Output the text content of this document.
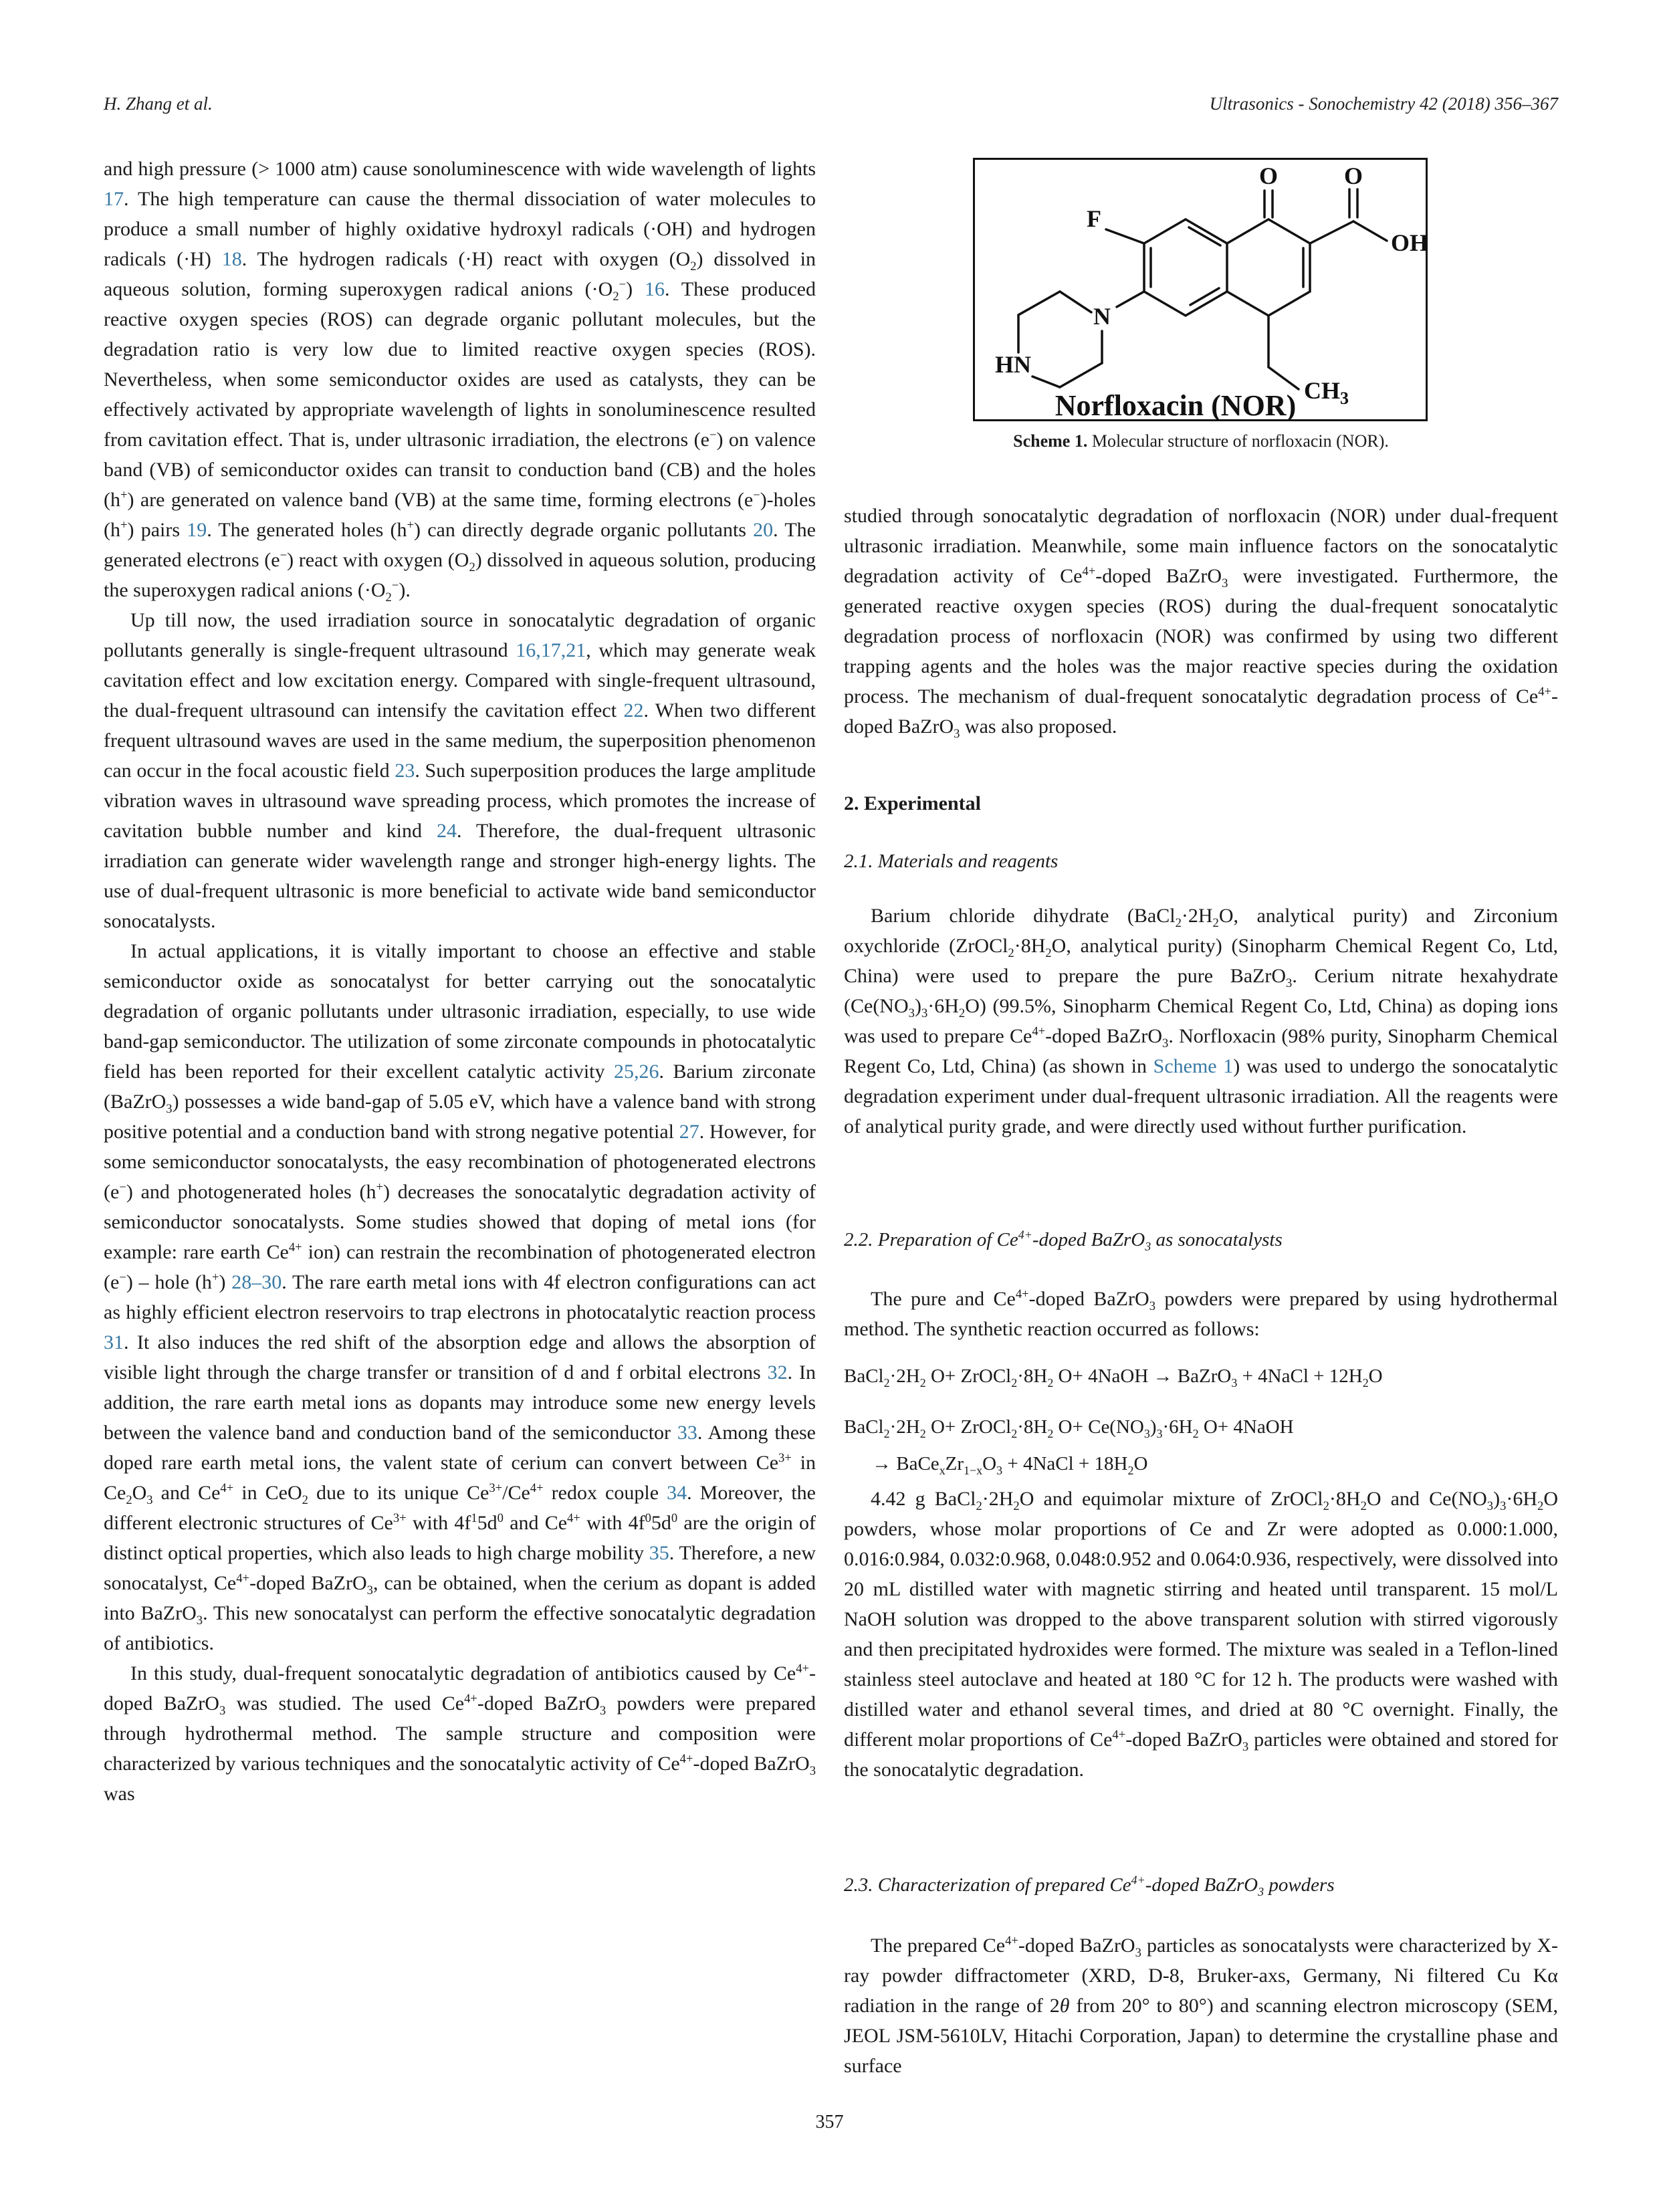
H. Zhang et al.	Ultrasonics - Sonochemistry 42 (2018) 356–367

and high pressure (> 1000 atm) cause sonoluminescence with wide wavelength of lights 17. The high temperature can cause the thermal dissociation of water molecules to produce a small number of highly oxidative hydroxyl radicals (·OH) and hydrogen radicals (·H) 18. The hydrogen radicals (·H) react with oxygen $(O_2)$ dissolved in aqueous solution, forming superoxygen radical anions $(\cdot O_2^-)$ 16. These produced reactive oxygen species (ROS) can degrade organic pollutant molecules, but the degradation ratio is very low due to limited reactive oxygen species (ROS). Nevertheless, when some semiconductor oxides are used as catalysts, they can be effectively activated by appropriate wavelength of lights in sonoluminescence resulted from cavitation effect. That is, under ultrasonic irradiation, the electrons (e−) on valence band (VB) of semiconductor oxides can transit to conduction band (CB) and the holes (h+) are generated on valence band (VB) at the same time, forming electrons (e−)-holes (h+) pairs 19. The generated holes (h+) can directly degrade organic pollutants 20. The generated electrons (e−) react with oxygen $(O_2)$ dissolved in aqueous solution, producing the superoxygen radical anions $(\cdot O_2^-)$.

Up till now, the used irradiation source in sonocatalytic degradation of organic pollutants generally is single-frequent ultrasound 16,17,21, which may generate weak cavitation effect and low excitation energy. Compared with single-frequent ultrasound, the dual-frequent ultrasound can intensify the cavitation effect 22. When two different frequent ultrasound waves are used in the same medium, the superposition phenomenon can occur in the focal acoustic field 23. Such superposition produces the large amplitude vibration waves in ultrasound wave spreading process, which promotes the increase of cavitation bubble number and kind 24. Therefore, the dual-frequent ultrasonic irradiation can generate wider wavelength range and stronger high-energy lights. The use of dual-frequent ultrasonic is more beneficial to activate wide band semiconductor sonocatalysts.

In actual applications, it is vitally important to choose an effective and stable semiconductor oxide as sonocatalyst for better carrying out the sonocatalytic degradation of organic pollutants under ultrasonic irradiation, especially, to use wide band-gap semiconductor. The utilization of some zirconate compounds in photocatalytic field has been reported for their excellent catalytic activity 25,26. Barium zirconate (BaZrO$_3$) possesses a wide band-gap of 5.05 eV, which have a valence band with strong positive potential and a conduction band with strong negative potential 27. However, for some semiconductor sonocatalysts, the easy recombination of photogenerated electrons (e−) and photogenerated holes (h+) decreases the sonocatalytic degradation activity of semiconductor sonocatalysts. Some studies showed that doping of metal ions (for example: rare earth $Ce^{4+}$ ion) can restrain the recombination of photogenerated electron (e−) – hole (h+) 28–30. The rare earth metal ions with 4f electron configurations can act as highly efficient electron reservoirs to trap electrons in photocatalytic reaction process 31. It also induces the red shift of the absorption edge and allows the absorption of visible light through the charge transfer or transition of d and f orbital electrons 32. In addition, the rare earth metal ions as dopants may introduce some new energy levels between the valence band and conduction band of the semiconductor 33. Among these doped rare earth metal ions, the valent state of cerium can convert between $Ce^{3+}$ in $Ce_2O_3$ and $Ce^{4+}$ in CeO$_2$ due to its unique $Ce^{3+}/Ce^{4+}$ redox couple 34. Moreover, the different electronic structures of $Ce^{3+}$ with $4f^15d^0$ and $Ce^{4+}$ with $4f^05d^0$ are the origin of distinct optical properties, which also leads to high charge mobility 35. Therefore, a new sonocatalyst, $Ce^{4+}$-doped BaZrO$_3$, can be obtained, when the cerium as dopant is added into BaZrO$_3$. This new sonocatalyst can perform the effective sonocatalytic degradation of antibiotics.

In this study, dual-frequent sonocatalytic degradation of antibiotics caused by $Ce^{4+}$-doped BaZrO$_3$ was studied. The used $Ce^{4+}$-doped BaZrO$_3$ powders were prepared through hydrothermal method. The sample structure and composition were characterized by various techniques and the sonocatalytic activity of $Ce^{4+}$-doped BaZrO$_3$ was

O	O
OH
F
N
HN
$CH_3$
Norfloxacin (NOR)
Scheme 1. Molecular structure of norfloxacin (NOR).
studied through sonocatalytic degradation of norfloxacin (NOR) under dual-frequent ultrasonic irradiation. Meanwhile, some main influence factors on the sonocatalytic degradation activity of $Ce^{4+}$-doped BaZrO$_3$ were investigated. Furthermore, the generated reactive oxygen species (ROS) during the dual-frequent sonocatalytic degradation process of norfloxacin (NOR) was confirmed by using two different trapping agents and the holes was the major reactive species during the oxidation process. The mechanism of dual-frequent sonocatalytic degradation process of $Ce^{4+}$-doped BaZrO$_3$ was also proposed.
2. Experimental
2.1. Materials and reagents

Barium chloride dihydrate ($BaCl_2\cdot 2H_2O$, analytical purity) and Zirconium oxychloride ($ZrOCl_2\cdot 8H_2O$, analytical purity) (Sinopharm Chemical Regent Co, Ltd, China) were used to prepare the pure BaZrO$_3$. Cerium nitrate hexahydrate $(Ce(NO_3)_3\cdot 6H_2O)$ (99.5%, Sinopharm Chemical Regent Co, Ltd, China) as doping ions was used to prepare $Ce^{4+}$-doped BaZrO$_3$. Norfloxacin (98% purity, Sinopharm Chemical Regent Co, Ltd, China) (as shown in Scheme 1) was used to undergo the sonocatalytic degradation experiment under dual-frequent ultrasonic irradiation. All the reagents were of analytical purity grade, and were directly used without further purification.

2.2. Preparation of $Ce^{4+}$-doped BaZrO$_3$ as sonocatalysts

The pure and $Ce^{4+}$-doped BaZrO$_3$ powders were prepared by using hydrothermal method. The synthetic reaction occurred as follows:

$BaCl_2\cdot 2H_2$ $O+ ZrOCl_2\cdot 8H_2$ O+ 4NaOH → BaZrO$_3$ + 4NaCl + $12H_2O$
$BaCl_2\cdot 2H_2$ $O+ ZrOCl_2\cdot 8H_2$ $O+ Ce(NO_3)_3\cdot 6H_2$ O+ 4NaOH
→ $BaCe_xZr_{1-x}O_3$ + 4NaCl + $18H_2O$

4.42 g $BaCl_2\cdot 2H_2O$ and equimolar mixture of $ZrOCl_2\cdot 8H_2O$ and $Ce(NO_3)_3\cdot 6H_2O$ powders, whose molar proportions of Ce and Zr were adopted as 0.000:1.000, 0.016:0.984, 0.032:0.968, 0.048:0.952 and 0.064:0.936, respectively, were dissolved into 20 mL distilled water with magnetic stirring and heated until transparent. 15 mol/L NaOH solution was dropped to the above transparent solution with stirred vigorously and then precipitated hydroxides were formed. The mixture was sealed in a Teflon-lined stainless steel autoclave and heated at 180 °C for 12 h. The products were washed with distilled water and ethanol several times, and dried at 80 °C overnight. Finally, the different molar proportions of $Ce^{4+}$-doped BaZrO$_3$ particles were obtained and stored for the sonocatalytic degradation.

2.3. Characterization of prepared $Ce^{4+}$-doped BaZrO$_3$ powders

The prepared $Ce^{4+}$-doped BaZrO$_3$ particles as sonocatalysts were characterized by X-ray powder diffractometer (XRD, D-8, Bruker-axs, Germany, Ni filtered Cu Kα radiation in the range of 2θ from 20° to 80°) and scanning electron microscopy (SEM, JEOL JSM-5610LV, Hitachi Corporation, Japan) to determine the crystalline phase and surface

357
